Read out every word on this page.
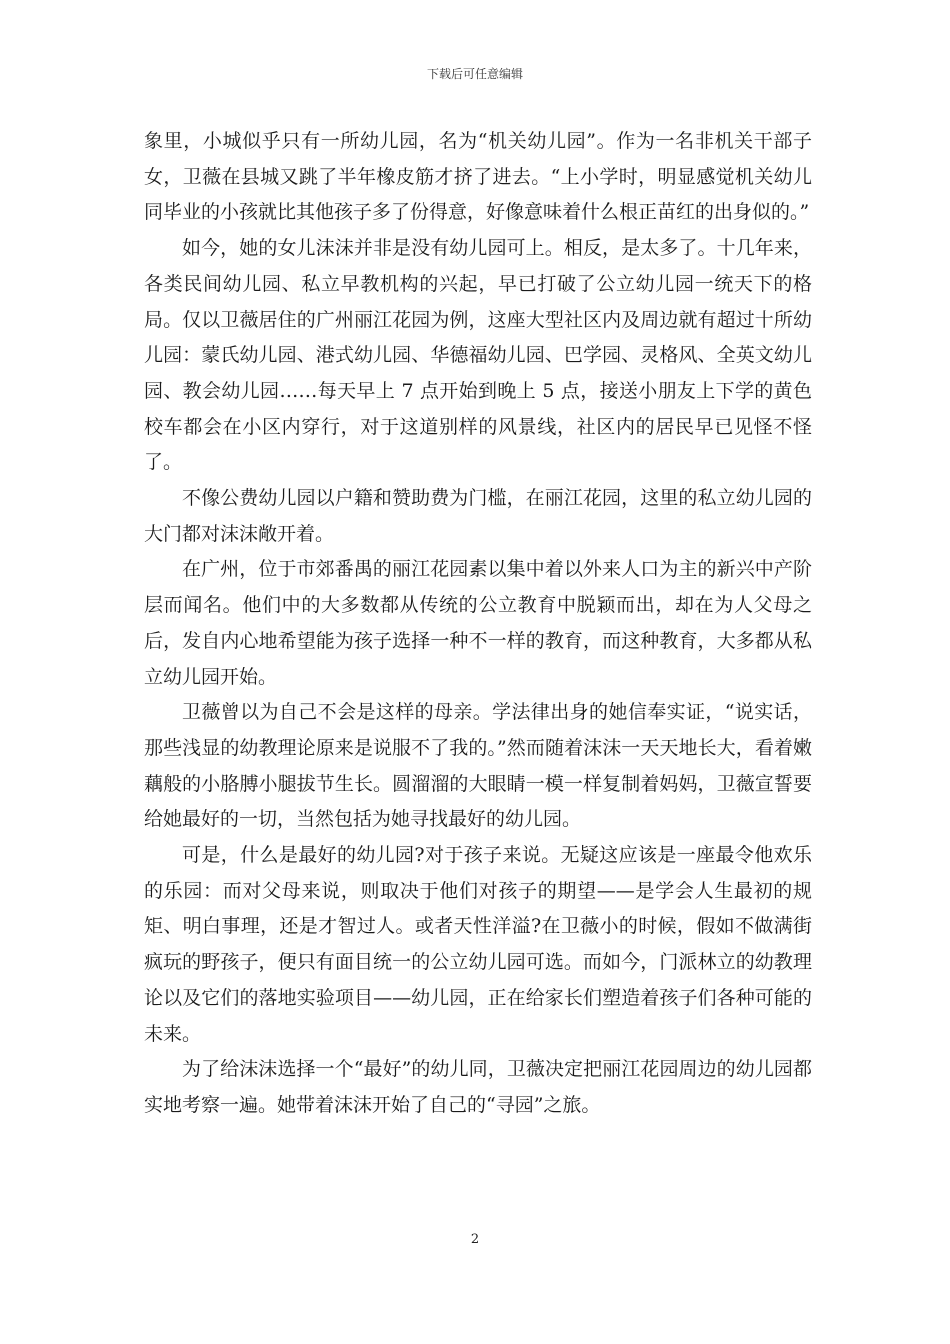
下载后可任意编辑

象里，小城似乎只有一所幼儿园，名为“机关幼儿园”。作为一名非机关干部子女，卫薇在县城又跳了半年橡皮筋才挤了进去。“上小学时，明显感觉机关幼儿同毕业的小孩就比其他孩子多了份得意，好像意味着什么根正苗红的出身似的。”

如今，她的女儿沫沫并非是没有幼儿园可上。相反，是太多了。十几年来，各类民间幼儿园、私立早教机构的兴起，早已打破了公立幼儿园一统天下的格局。仅以卫薇居住的广州丽江花园为例，这座大型社区内及周边就有超过十所幼儿园：蒙氏幼儿园、港式幼儿园、华德福幼儿园、巴学园、灵格风、全英文幼儿园、教会幼儿园……每天早上 7 点开始到晚上 5 点，接送小朋友上下学的黄色校车都会在小区内穿行，对于这道别样的风景线，社区内的居民早已见怪不怪了。

不像公费幼儿园以户籍和赞助费为门槛，在丽江花园，这里的私立幼儿园的大门都对沫沫敞开着。

在广州，位于市郊番禺的丽江花园素以集中着以外来人口为主的新兴中产阶层而闻名。他们中的大多数都从传统的公立教育中脱颖而出，却在为人父母之后，发自内心地希望能为孩子选择一种不一样的教育，而这种教育，大多都从私立幼儿园开始。

卫薇曾以为自己不会是这样的母亲。学法律出身的她信奉实证，“说实话，那些浅显的幼教理论原来是说服不了我的。”然而随着沫沫一天天地长大，看着嫩藕般的小胳膊小腿拔节生长。圆溜溜的大眼睛一模一样复制着妈妈，卫薇宣誓要给她最好的一切，当然包括为她寻找最好的幼儿园。

可是，什么是最好的幼儿园?对于孩子来说。无疑这应该是一座最令他欢乐的乐园：而对父母来说，则取决于他们对孩子的期望——是学会人生最初的规矩、明白事理，还是才智过人。或者天性洋溢?在卫薇小的时候，假如不做满街疯玩的野孩子，便只有面目统一的公立幼儿园可选。而如今，门派林立的幼教理论以及它们的落地实验项目——幼儿园，正在给家长们塑造着孩子们各种可能的未来。

为了给沫沫选择一个“最好”的幼儿同，卫薇决定把丽江花园周边的幼儿园都实地考察一遍。她带着沫沫开始了自己的“寻园”之旅。

2
